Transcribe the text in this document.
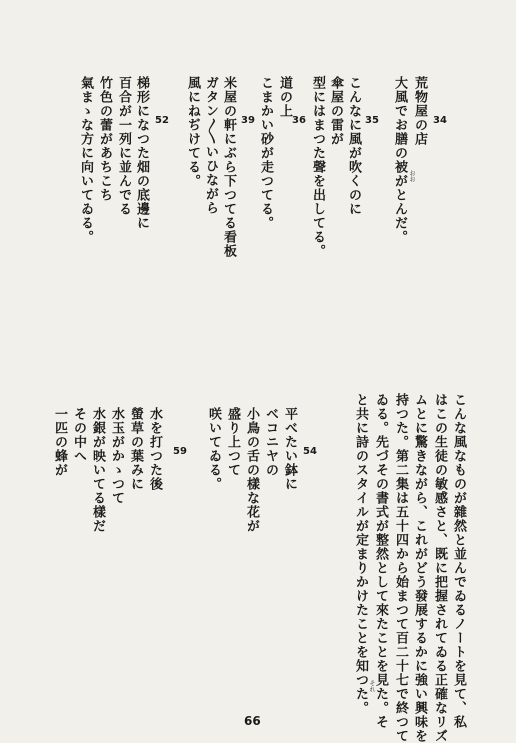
34
荒物屋の店
大風でお膳の被がとんだ。 おお
35
こんなに風が吹くのに
傘屋の雷が
型にはまつた聲を出してる。
36
道の上
こまかい砂が走つてる。
39
米屋の軒にぶら下つてる看板
ガタン〳〵いひながら
風にねぢけてる。
52
梯形になつた畑の底邊に
百合が一列に並んでる
竹色の蕾があちこち
氣まゝな方に向いてゐる。
こんな風なものが雜然と並んでゐるノートを見て、私
はこの生徒の敏感さと、既に把握されてゐる正確なリズ
ムとに驚きながら、これがどう發展するかに強い興味を
持つた。第二集は五十四から始まつて百二十七で終つて
ゐる。先づその書式が整然として來たことを見た。そ
それ
と共に詩のスタイルが定まりかけたことを知つた。
54
平べたい鉢に
ベコニヤの
小鳥の舌の樣な花が
盛り上つて
咲いてゐる。
59
水を打つた後
螢草の葉みに
水玉がかゝつて
水銀が映いてる樣だ
その中へ
一匹の蜂が
66
